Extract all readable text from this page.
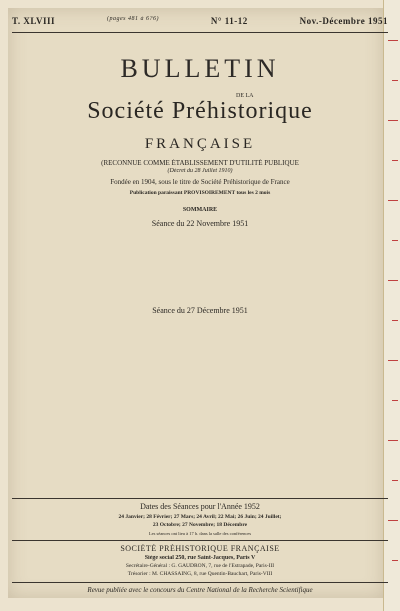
T. XLVIII	(pages 481 à 6?6)	N° 11-12	Nov.-Décembre 1951
BULLETIN
DE LA
Société Préhistorique
FRANÇAISE
(RECONNUE COMME ÉTABLISSEMENT D'UTILITÉ PUBLIQUE
(Décret du 28 Juillet 1910)
Fondée en 1904, sous le titre de Société Préhistorique de France
Publication paraissant PROVISOIREMENT tous les 2 mois
SOMMAIRE
Séance du 22 Novembre 1951
Séance du 27 Décembre 1951
Dates des Séances pour l'Année 1952
24 Janvier; 28 Février; 27 Mars; 24 Avril; 22 Mai; 26 Juin; 24 Juillet;
23 Octobre; 27 Novembre; 18 Décembre
Les séances ont lieu à 17 h. dans la salle des conférences
SOCIÉTÉ PRÉHISTORIQUE FRANÇAISE
Siège social 250, rue Saint-Jacques, Paris V
Secrétaire-Général : G. GAUDRON, 7, rue de l'Estrapade, Paris-III
Trésorier : M. CHASSAING, 8, rue Quentin-Bauchart, Paris-VIII
Revue publiée avec le concours du Centre National de la Recherche Scientifique
